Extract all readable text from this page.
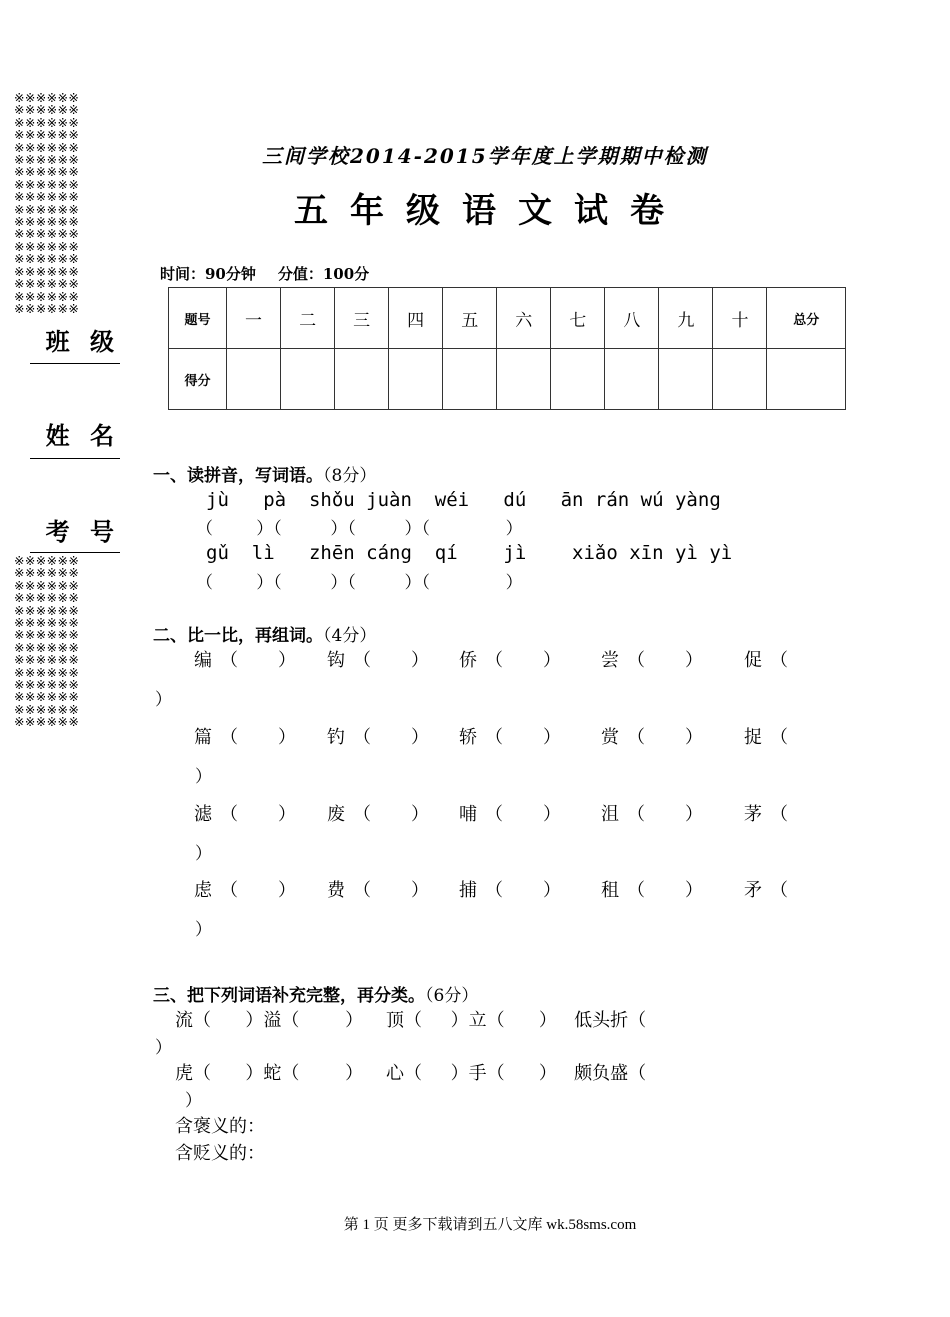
※※※※※※
※※※※※※
※※※※※※
※※※※※※
※※※※※※
※※※※※※
※※※※※※
※※※※※※
※※※※※※
※※※※※※
※※※※※※
※※※※※※
※※※※※※
※※※※※※
※※※※※※
※※※※※※
※※※※※※
※※※※※※
※※※※※※
※※※※※※
※※※※※※
※※※※※※
※※※※※※
※※※※※※
※※※※※※
※※※※※※
※※※※※※
※※※※※※
※※※※※※
※※※※※※
※※※※※※
※※※※※※
班 级
姓 名
考 号
三间学校2014-2015学年度上学期期中检测
五年级语文试卷
时间：90分钟 分值：100分
题号	一	二	三	四	五	六	七	八	九	十	总分
得分											
一、读拼音，写词语。（8分）
jù   pà  shǒu juàn  wéi   dú   ān rán wú yàng
（        ）（         ）（         ）（              ）
gǔ  lì   zhēn cáng  qí    jì    xiǎo xīn yì yì
（        ）（         ）（         ）（              ）
二、比一比，再组词。（4分）
编 （       ） 钩 （       ） 侨 （       ） 尝 （       ） 促 （
）
篇 （       ） 钓 （       ） 轿 （       ） 赏 （       ） 捉 （
）
滤 （       ） 废 （       ） 哺 （       ） 沮 （       ） 茅 （
）
虑 （       ） 费 （       ） 捕 （       ） 租 （       ） 矛 （
）
三、把下列词语补充完整，再分类。（6分）
流（      ）溢（        ）    顶（     ）立（      ）   低头折（
）
虎（      ）蛇（        ）    心（     ）手（      ）   颇负盛（
）
含褒义的：
含贬义的：
第 1 页 更多下载请到五八文库 wk.58sms.com
